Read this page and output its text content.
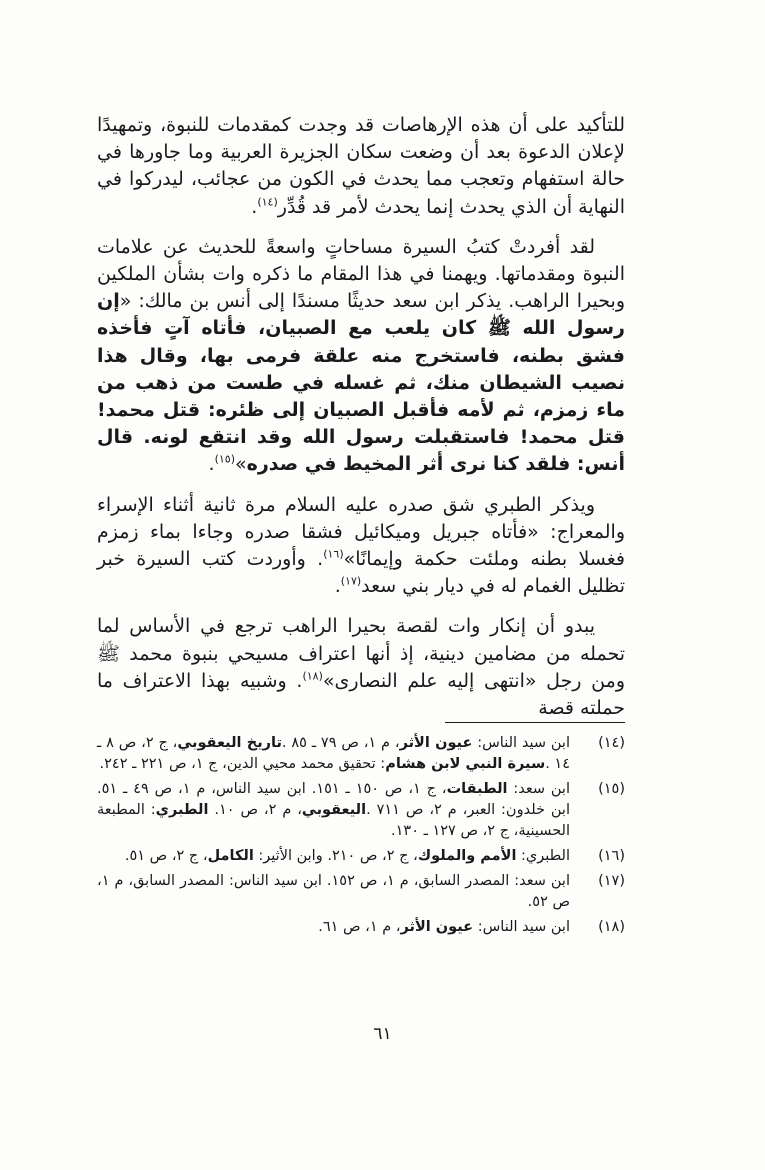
للتأكيد على أن هذه الإرهاصات قد وجدت كمقدمات للنبوة، وتمهيدًا لإعلان الدعوة بعد أن وضعت سكان الجزيرة العربية وما جاورها في حالة استفهام وتعجب مما يحدث في الكون من عجائب، ليدركوا في النهاية أن الذي يحدث إنما يحدث لأمر قد قُدِّر$^{(١٤)}$.

لقد أفردتْ كتبُ السيرة مساحاتٍ واسعةً للحديث عن علامات النبوة ومقدماتها. ويهمنا في هذا المقام ما ذكره وات بشأن الملكين وبحيرا الراهب. يذكر ابن سعد حديثًا مسندًا إلى أنس بن مالك: «إن رسول الله ﷺ كان يلعب مع الصبيان، فأتاه آتٍ فأخذه فشق بطنه، فاستخرج منه علقة فرمى بها، وقال هذا نصيب الشيطان منك، ثم غسله في طست من ذهب من ماء زمزم، ثم لأمه فأقبل الصبيان إلى ظئره: قتل محمد! قتل محمد! فاستقبلت رسول الله وقد انتقع لونه. قال أنس: فلقد كنا نرى أثر المخيط في صدره»$^{(١٥)}$.

ويذكر الطبري شق صدره عليه السلام مرة ثانية أثناء الإسراء والمعراج: «فأتاه جبريل وميكائيل فشقا صدره وجاءا بماء زمزم فغسلا بطنه وملئت حكمة وإيمانًا»$^{(١٦)}$. وأوردت كتب السيرة خبر تظليل الغمام له في ديار بني سعد$^{(١٧)}$.

يبدو أن إنكار وات لقصة بحيرا الراهب ترجع في الأساس لما تحمله من مضامين دينية، إذ أنها اعتراف مسيحي بنبوة محمد ﷺ ومن رجل «انتهى إليه علم النصارى»$^{(١٨)}$. وشبيه بهذا الاعتراف ما حملته قصة

(١٤)
ابن سيد الناس: عيون الأثر، م ١، ص ٧٩ ـ ٨٥ .تاريخ اليعقوبي، ج ٢، ص ٨ ـ ١٤ .سيرة النبي لابن هشام: تحقيق محمد محيي الدين، ج ١، ص ٢٢١ ـ ٢٤٢.
(١٥)
ابن سعد: الطبقات، ج ١، ص ١٥٠ ـ ١٥١. ابن سيد الناس، م ١، ص ٤٩ ـ ٥١. ابن خلدون: العبر، م ٢، ص ٧١١ .اليعقوبي، م ٢، ص ١٠. الطبري: المطبعة الحسينية، ج ٢، ص ١٢٧ ـ ١٣٠.
(١٦)
الطبري: الأمم والملوك، ج ٢، ص ٢١٠. وابن الأثير: الكامل، ج ٢، ص ٥١.
(١٧)
ابن سعد: المصدر السابق، م ١، ص ١٥٢. ابن سيد الناس: المصدر السابق، م ١، ص ٥٢.
(١٨)
ابن سيد الناس: عيون الأثر، م ١، ص ٦١.
٦١
